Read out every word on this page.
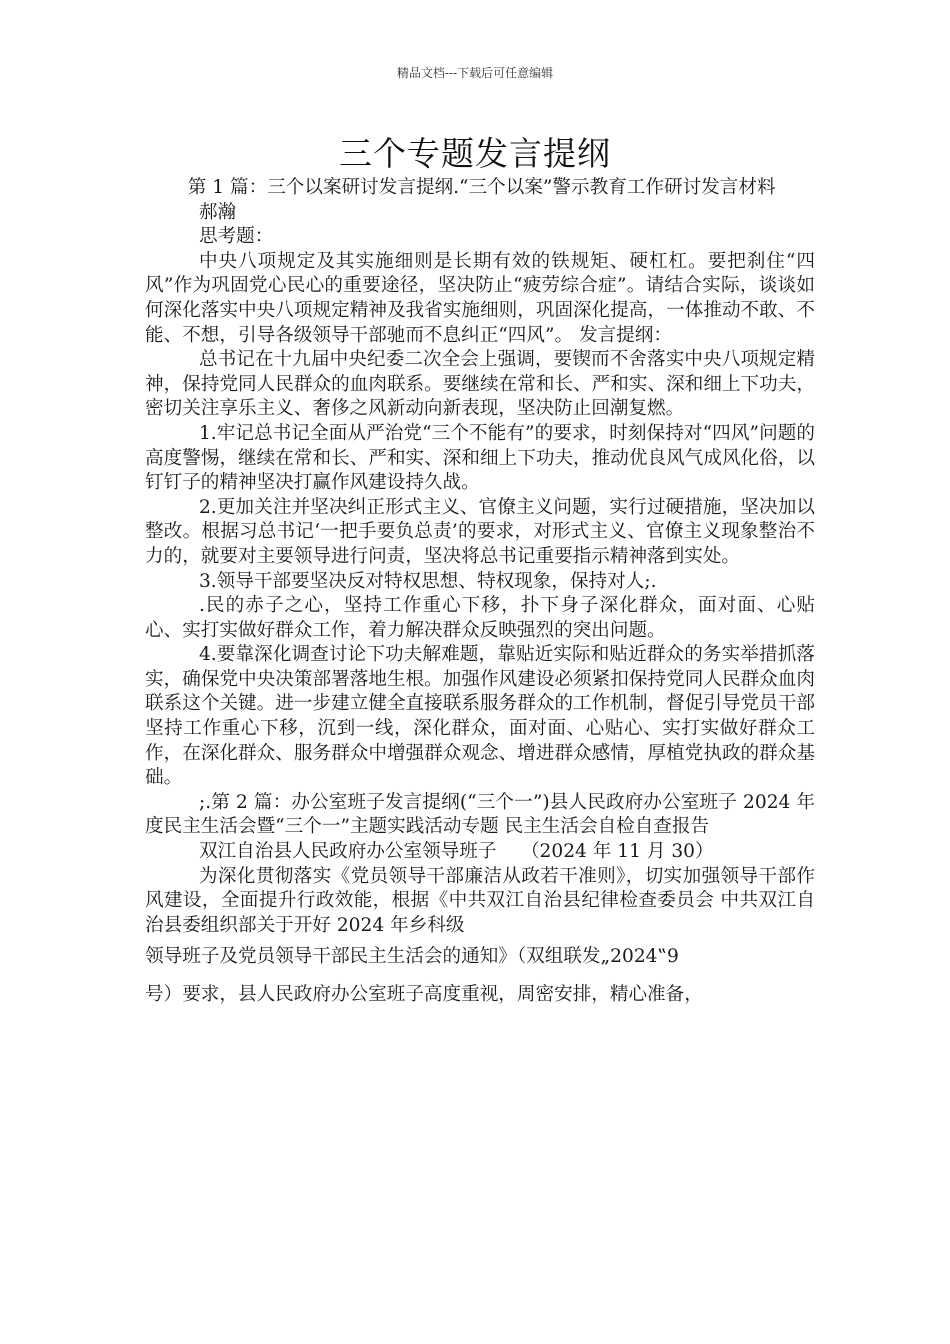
精品文档---下载后可任意编辑
三个专题发言提纲

第 1 篇：三个以案研讨发言提纲.“三个以案”警示教育工作研讨发言材料

郝瀚

思考题：

中央八项规定及其实施细则是长期有效的铁规矩、硬杠杠。要把刹住“四风”作为巩固党心民心的重要途径，坚决防止“疲劳综合症”。请结合实际，谈谈如何深化落实中央八项规定精神及我省实施细则，巩固深化提高，一体推动不敢、不能、不想，引导各级领导干部驰而不息纠正“四风”。 发言提纲：

总书记在十九届中央纪委二次全会上强调，要锲而不舍落实中央八项规定精神，保持党同人民群众的血肉联系。要继续在常和长、严和实、深和细上下功夫，密切关注享乐主义、奢侈之风新动向新表现，坚决防止回潮复燃。

1.牢记总书记全面从严治党“三个不能有”的要求，时刻保持对“四风”问题的高度警惕，继续在常和长、严和实、深和细上下功夫，推动优良风气成风化俗，以钉钉子的精神坚决打赢作风建设持久战。

2.更加关注并坚决纠正形式主义、官僚主义问题，实行过硬措施，坚决加以整改。根据习总书记‘一把手要负总责’的要求，对形式主义、官僚主义现象整治不力的，就要对主要领导进行问责，坚决将总书记重要指示精神落到实处。

3.领导干部要坚决反对特权思想、特权现象，保持对人;.

.民的赤子之心，坚持工作重心下移，扑下身子深化群众，面对面、心贴心、实打实做好群众工作，着力解决群众反映强烈的突出问题。

4.要靠深化调查讨论下功夫解难题，靠贴近实际和贴近群众的务实举措抓落实，确保党中央决策部署落地生根。加强作风建设必须紧扣保持党同人民群众血肉联系这个关键。进一步建立健全直接联系服务群众的工作机制，督促引导党员干部坚持工作重心下移，沉到一线，深化群众，面对面、心贴心、实打实做好群众工作，在深化群众、服务群众中增强群众观念、增进群众感情，厚植党执政的群众基础。

;.第 2 篇：办公室班子发言提纲(“三个一”)县人民政府办公室班子 2024 年度民主生活会暨“三个一”主题实践活动专题 民主生活会自检自查报告

双江自治县人民政府办公室领导班子　 （2024 年 11 月 30）

为深化贯彻落实《党员领导干部廉洁从政若干准则》，切实加强领导干部作风建设，全面提升行政效能，根据《中共双江自治县纪律检查委员会 中共双江自治县委组织部关于开好 2024 年乡科级

领导班子及党员领导干部民主生活会的通知》（双组联发„2024‟9

号）要求，县人民政府办公室班子高度重视，周密安排，精心准备，
